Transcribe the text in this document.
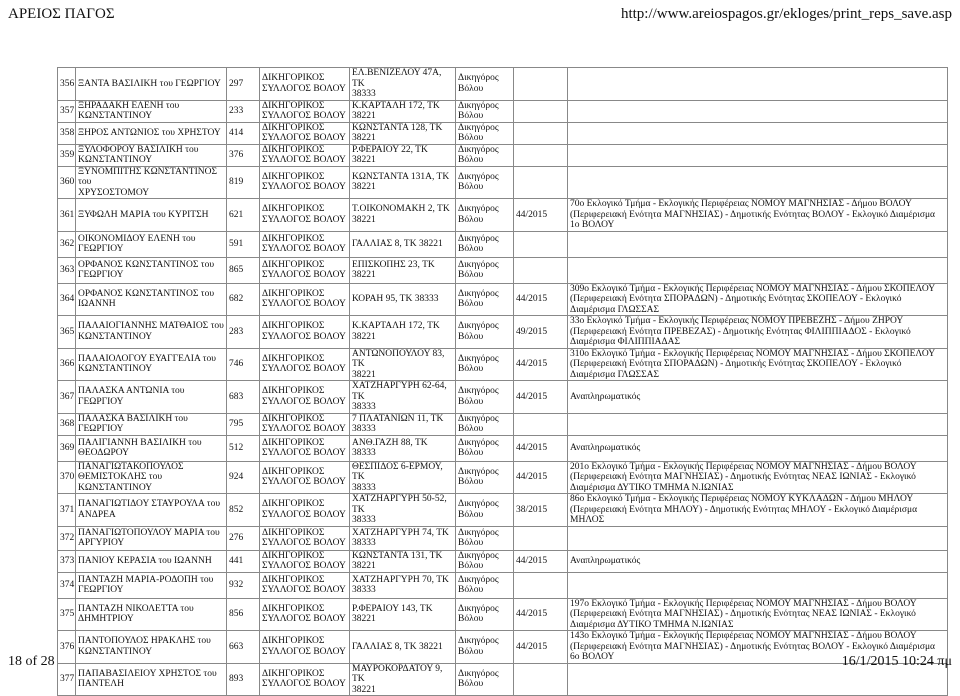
ΑΡΕΙΟΣ ΠΑΓΟΣ	http://www.areiospagos.gr/ekloges/print_reps_save.asp
356	ΞΑΝΤΑ ΒΑΣΙΛΙΚΗ του ΓΕΩΡΓΙΟΥ	297	ΔΙΚΗΓΟΡΙΚΟΣ
ΣΥΛΛΟΓΟΣ ΒΟΛΟΥ	ΕΛ.ΒΕΝΙΖΕΛΟΥ 47Α, ΤΚ
38333	Δικηγόρος
Βόλου		

357	ΞΗΡΑΔΑΚΗ ΕΛΕΝΗ του
ΚΩΝΣΤΑΝΤΙΝΟΥ	233	ΔΙΚΗΓΟΡΙΚΟΣ
ΣΥΛΛΟΓΟΣ ΒΟΛΟΥ	Κ.ΚΑΡΤΑΛΗ 172, ΤΚ 38221	Δικηγόρος
Βόλου		

358	ΞΗΡΟΣ ΑΝΤΩΝΙΟΣ του ΧΡΗΣΤΟΥ	414	ΔΙΚΗΓΟΡΙΚΟΣ
ΣΥΛΛΟΓΟΣ ΒΟΛΟΥ	ΚΩΝΣΤΑΝΤΑ 128, ΤΚ 38221	Δικηγόρος
Βόλου		

359	ΞΥΛΟΦΟΡΟΥ ΒΑΣΙΛΙΚΗ του
ΚΩΝΣΤΑΝΤΙΝΟΥ	376	ΔΙΚΗΓΟΡΙΚΟΣ
ΣΥΛΛΟΓΟΣ ΒΟΛΟΥ	Ρ.ΦΕΡΑΙΟΥ 22, ΤΚ 38221	Δικηγόρος
Βόλου		

360	ΞΥΝΟΜΠΙΤΗΣ ΚΩΝΣΤΑΝΤΙΝΟΣ του
ΧΡΥΣΟΣΤΟΜΟΥ	819	ΔΙΚΗΓΟΡΙΚΟΣ
ΣΥΛΛΟΓΟΣ ΒΟΛΟΥ	ΚΩΝΣΤΑΝΤΑ 131Α, ΤΚ
38221	Δικηγόρος
Βόλου		

361	ΞΥΦΩΛΗ ΜΑΡΙΑ του ΚΥΡΙΤΣΗ	621	ΔΙΚΗΓΟΡΙΚΟΣ
ΣΥΛΛΟΓΟΣ ΒΟΛΟΥ	Τ.ΟΙΚΟΝΟΜΑΚΗ 2, ΤΚ
38221	Δικηγόρος
Βόλου	44/2015	70ο Εκλογικό Τμήμα - Εκλογικής Περιφέρειας ΝΟΜΟΥ ΜΑΓΝΗΣΙΑΣ - Δήμου ΒΟΛΟΥ (Περιφερειακή Ενότητα ΜΑΓΝΗΣΙΑΣ) - Δημοτικής Ενότητας ΒΟΛΟΥ - Εκλογικό Διαμέρισμα 1ο ΒΟΛΟΥ

362	ΟΙΚΟΝΟΜΙΔΟΥ ΕΛΕΝΗ του
ΓΕΩΡΓΙΟΥ	591	ΔΙΚΗΓΟΡΙΚΟΣ
ΣΥΛΛΟΓΟΣ ΒΟΛΟΥ	ΓΑΛΛΙΑΣ 8, ΤΚ 38221	Δικηγόρος
Βόλου		

363	ΟΡΦΑΝΟΣ ΚΩΝΣΤΑΝΤΙΝΟΣ του
ΓΕΩΡΓΙΟΥ	865	ΔΙΚΗΓΟΡΙΚΟΣ
ΣΥΛΛΟΓΟΣ ΒΟΛΟΥ	ΕΠΙΣΚΟΠΗΣ 23, ΤΚ 38221	Δικηγόρος
Βόλου		

364	ΟΡΦΑΝΟΣ ΚΩΝΣΤΑΝΤΙΝΟΣ του
ΙΩΑΝΝΗ	682	ΔΙΚΗΓΟΡΙΚΟΣ
ΣΥΛΛΟΓΟΣ ΒΟΛΟΥ	ΚΟΡΑΗ 95, ΤΚ 38333	Δικηγόρος
Βόλου	44/2015	309ο Εκλογικό Τμήμα - Εκλογικής Περιφέρειας ΝΟΜΟΥ ΜΑΓΝΗΣΙΑΣ - Δήμου ΣΚΟΠΕΛΟΥ (Περιφερειακή Ενότητα ΣΠΟΡΑΔΩΝ) - Δημοτικής Ενότητας ΣΚΟΠΕΛΟΥ - Εκλογικό Διαμέρισμα ΓΛΩΣΣΑΣ

365	ΠΑΛΑΙΟΓΙΑΝΝΗΣ ΜΑΤΘΑΙΟΣ του
ΚΩΝΣΤΑΝΤΙΝΟΥ	283	ΔΙΚΗΓΟΡΙΚΟΣ
ΣΥΛΛΟΓΟΣ ΒΟΛΟΥ	Κ.ΚΑΡΤΑΛΗ 172, ΤΚ 38221	Δικηγόρος
Βόλου	49/2015	33ο Εκλογικό Τμήμα - Εκλογικής Περιφέρειας ΝΟΜΟΥ ΠΡΕΒΕΖΗΣ - Δήμου ΖΗΡΟΥ (Περιφερειακή Ενότητα ΠΡΕΒΕΖΑΣ) - Δημοτικής Ενότητας ΦΙΛΙΠΠΙΑΔΟΣ - Εκλογικό Διαμέρισμα ΦΙΛΙΠΠΙΑΔΑΣ

366	ΠΑΛΑΙΟΛΟΓΟΥ ΕΥΑΓΓΕΛΙΑ του
ΚΩΝΣΤΑΝΤΙΝΟΥ	746	ΔΙΚΗΓΟΡΙΚΟΣ
ΣΥΛΛΟΓΟΣ ΒΟΛΟΥ	ΑΝΤΩΝΟΠΟΥΛΟΥ 83, ΤΚ
38221	Δικηγόρος
Βόλου	44/2015	310ο Εκλογικό Τμήμα - Εκλογικής Περιφέρειας ΝΟΜΟΥ ΜΑΓΝΗΣΙΑΣ - Δήμου ΣΚΟΠΕΛΟΥ (Περιφερειακή Ενότητα ΣΠΟΡΑΔΩΝ) - Δημοτικής Ενότητας ΣΚΟΠΕΛΟΥ - Εκλογικό Διαμέρισμα ΓΛΩΣΣΑΣ

367	ΠΑΛΑΣΚΑ ΑΝΤΩΝΙΑ του ΓΕΩΡΓΙΟΥ	683	ΔΙΚΗΓΟΡΙΚΟΣ
ΣΥΛΛΟΓΟΣ ΒΟΛΟΥ	ΧΑΤΖΗΑΡΓΥΡΗ 62-64, ΤΚ
38333	Δικηγόρος
Βόλου	44/2015	Αναπληρωματικός

368	ΠΑΛΑΣΚΑ ΒΑΣΙΛΙΚΗ του ΓΕΩΡΓΙΟΥ	795	ΔΙΚΗΓΟΡΙΚΟΣ
ΣΥΛΛΟΓΟΣ ΒΟΛΟΥ	7 ΠΛΑΤΑΝΙΩΝ 11, ΤΚ 38333	Δικηγόρος
Βόλου		

369	ΠΑΛΙΓΙΑΝΝΗ ΒΑΣΙΛΙΚΗ του
ΘΕΟΔΩΡΟΥ	512	ΔΙΚΗΓΟΡΙΚΟΣ
ΣΥΛΛΟΓΟΣ ΒΟΛΟΥ	ΑΝΘ.ΓΑΖΗ 88, ΤΚ 38333	Δικηγόρος
Βόλου	44/2015	Αναπληρωματικός

370	ΠΑΝΑΓΙΩΤΑΚΟΠΟΥΛΟΣ
ΘΕΜΙΣΤΟΚΛΗΣ του ΚΩΝΣΤΑΝΤΙΝΟΥ	924	ΔΙΚΗΓΟΡΙΚΟΣ
ΣΥΛΛΟΓΟΣ ΒΟΛΟΥ	ΘΕΣΠΙΔΟΣ 6-ΕΡΜΟΥ, ΤΚ
38333	Δικηγόρος
Βόλου	44/2015	201ο Εκλογικό Τμήμα - Εκλογικής Περιφέρειας ΝΟΜΟΥ ΜΑΓΝΗΣΙΑΣ - Δήμου ΒΟΛΟΥ (Περιφερειακή Ενότητα ΜΑΓΝΗΣΙΑΣ) - Δημοτικής Ενότητας ΝΕΑΣ ΙΩΝΙΑΣ - Εκλογικό Διαμέρισμα ΔΥΤΙΚΟ ΤΜΗΜΑ Ν.ΙΩΝΙΑΣ

371	ΠΑΝΑΓΙΩΤΙΔΟΥ ΣΤΑΥΡΟΥΛΑ του
ΑΝΔΡΕΑ	852	ΔΙΚΗΓΟΡΙΚΟΣ
ΣΥΛΛΟΓΟΣ ΒΟΛΟΥ	ΧΑΤΖΗΑΡΓΥΡΗ 50-52, ΤΚ
38333	Δικηγόρος
Βόλου	38/2015	86ο Εκλογικό Τμήμα - Εκλογικής Περιφέρειας ΝΟΜΟΥ ΚΥΚΛΑΔΩΝ - Δήμου ΜΗΛΟΥ (Περιφερειακή Ενότητα ΜΗΛΟΥ) - Δημοτικής Ενότητας ΜΗΛΟΥ - Εκλογικό Διαμέρισμα ΜΗΛΟΣ

372	ΠΑΝΑΓΙΩΤΟΠΟΥΛΟΥ ΜΑΡΙΑ του
ΑΡΓΥΡΙΟΥ	276	ΔΙΚΗΓΟΡΙΚΟΣ
ΣΥΛΛΟΓΟΣ ΒΟΛΟΥ	ΧΑΤΖΗΑΡΓΥΡΗ 74, ΤΚ 38333	Δικηγόρος
Βόλου		

373	ΠΑΝΙΟΥ ΚΕΡΑΣΙΑ του ΙΩΑΝΝΗ	441	ΔΙΚΗΓΟΡΙΚΟΣ
ΣΥΛΛΟΓΟΣ ΒΟΛΟΥ	ΚΩΝΣΤΑΝΤΑ 131, ΤΚ 38221	Δικηγόρος
Βόλου	44/2015	Αναπληρωματικός

374	ΠΑΝΤΑΖΗ ΜΑΡΙΑ-ΡΟΔΟΠΗ του
ΓΕΩΡΓΙΟΥ	932	ΔΙΚΗΓΟΡΙΚΟΣ
ΣΥΛΛΟΓΟΣ ΒΟΛΟΥ	ΧΑΤΖΗΑΡΓΥΡΗ 70, ΤΚ 38333	Δικηγόρος
Βόλου		

375	ΠΑΝΤΑΖΗ ΝΙΚΟΛΕΤΤΑ του
ΔΗΜΗΤΡΙΟΥ	856	ΔΙΚΗΓΟΡΙΚΟΣ
ΣΥΛΛΟΓΟΣ ΒΟΛΟΥ	Ρ.ΦΕΡΑΙΟΥ 143, ΤΚ 38221	Δικηγόρος
Βόλου	44/2015	197ο Εκλογικό Τμήμα - Εκλογικής Περιφέρειας ΝΟΜΟΥ ΜΑΓΝΗΣΙΑΣ - Δήμου ΒΟΛΟΥ (Περιφερειακή Ενότητα ΜΑΓΝΗΣΙΑΣ) - Δημοτικής Ενότητας ΝΕΑΣ ΙΩΝΙΑΣ - Εκλογικό Διαμέρισμα ΔΥΤΙΚΟ ΤΜΗΜΑ Ν.ΙΩΝΙΑΣ

376	ΠΑΝΤΟΠΟΥΛΟΣ ΗΡΑΚΛΗΣ του
ΚΩΝΣΤΑΝΤΙΝΟΥ	663	ΔΙΚΗΓΟΡΙΚΟΣ
ΣΥΛΛΟΓΟΣ ΒΟΛΟΥ	ΓΑΛΛΙΑΣ 8, ΤΚ 38221	Δικηγόρος
Βόλου	44/2015	143ο Εκλογικό Τμήμα - Εκλογικής Περιφέρειας ΝΟΜΟΥ ΜΑΓΝΗΣΙΑΣ - Δήμου ΒΟΛΟΥ (Περιφερειακή Ενότητα ΜΑΓΝΗΣΙΑΣ) - Δημοτικής Ενότητας ΒΟΛΟΥ - Εκλογικό Διαμέρισμα 6ο ΒΟΛΟΥ

377	ΠΑΠΑΒΑΣΙΛΕΙΟΥ ΧΡΗΣΤΟΣ του
ΠΑΝΤΕΛΗ	893	ΔΙΚΗΓΟΡΙΚΟΣ
ΣΥΛΛΟΓΟΣ ΒΟΛΟΥ	ΜΑΥΡΟΚΟΡΔΑΤΟΥ 9, ΤΚ
38221	Δικηγόρος
Βόλου		

18 of 28	16/1/2015 10:24 πμ
